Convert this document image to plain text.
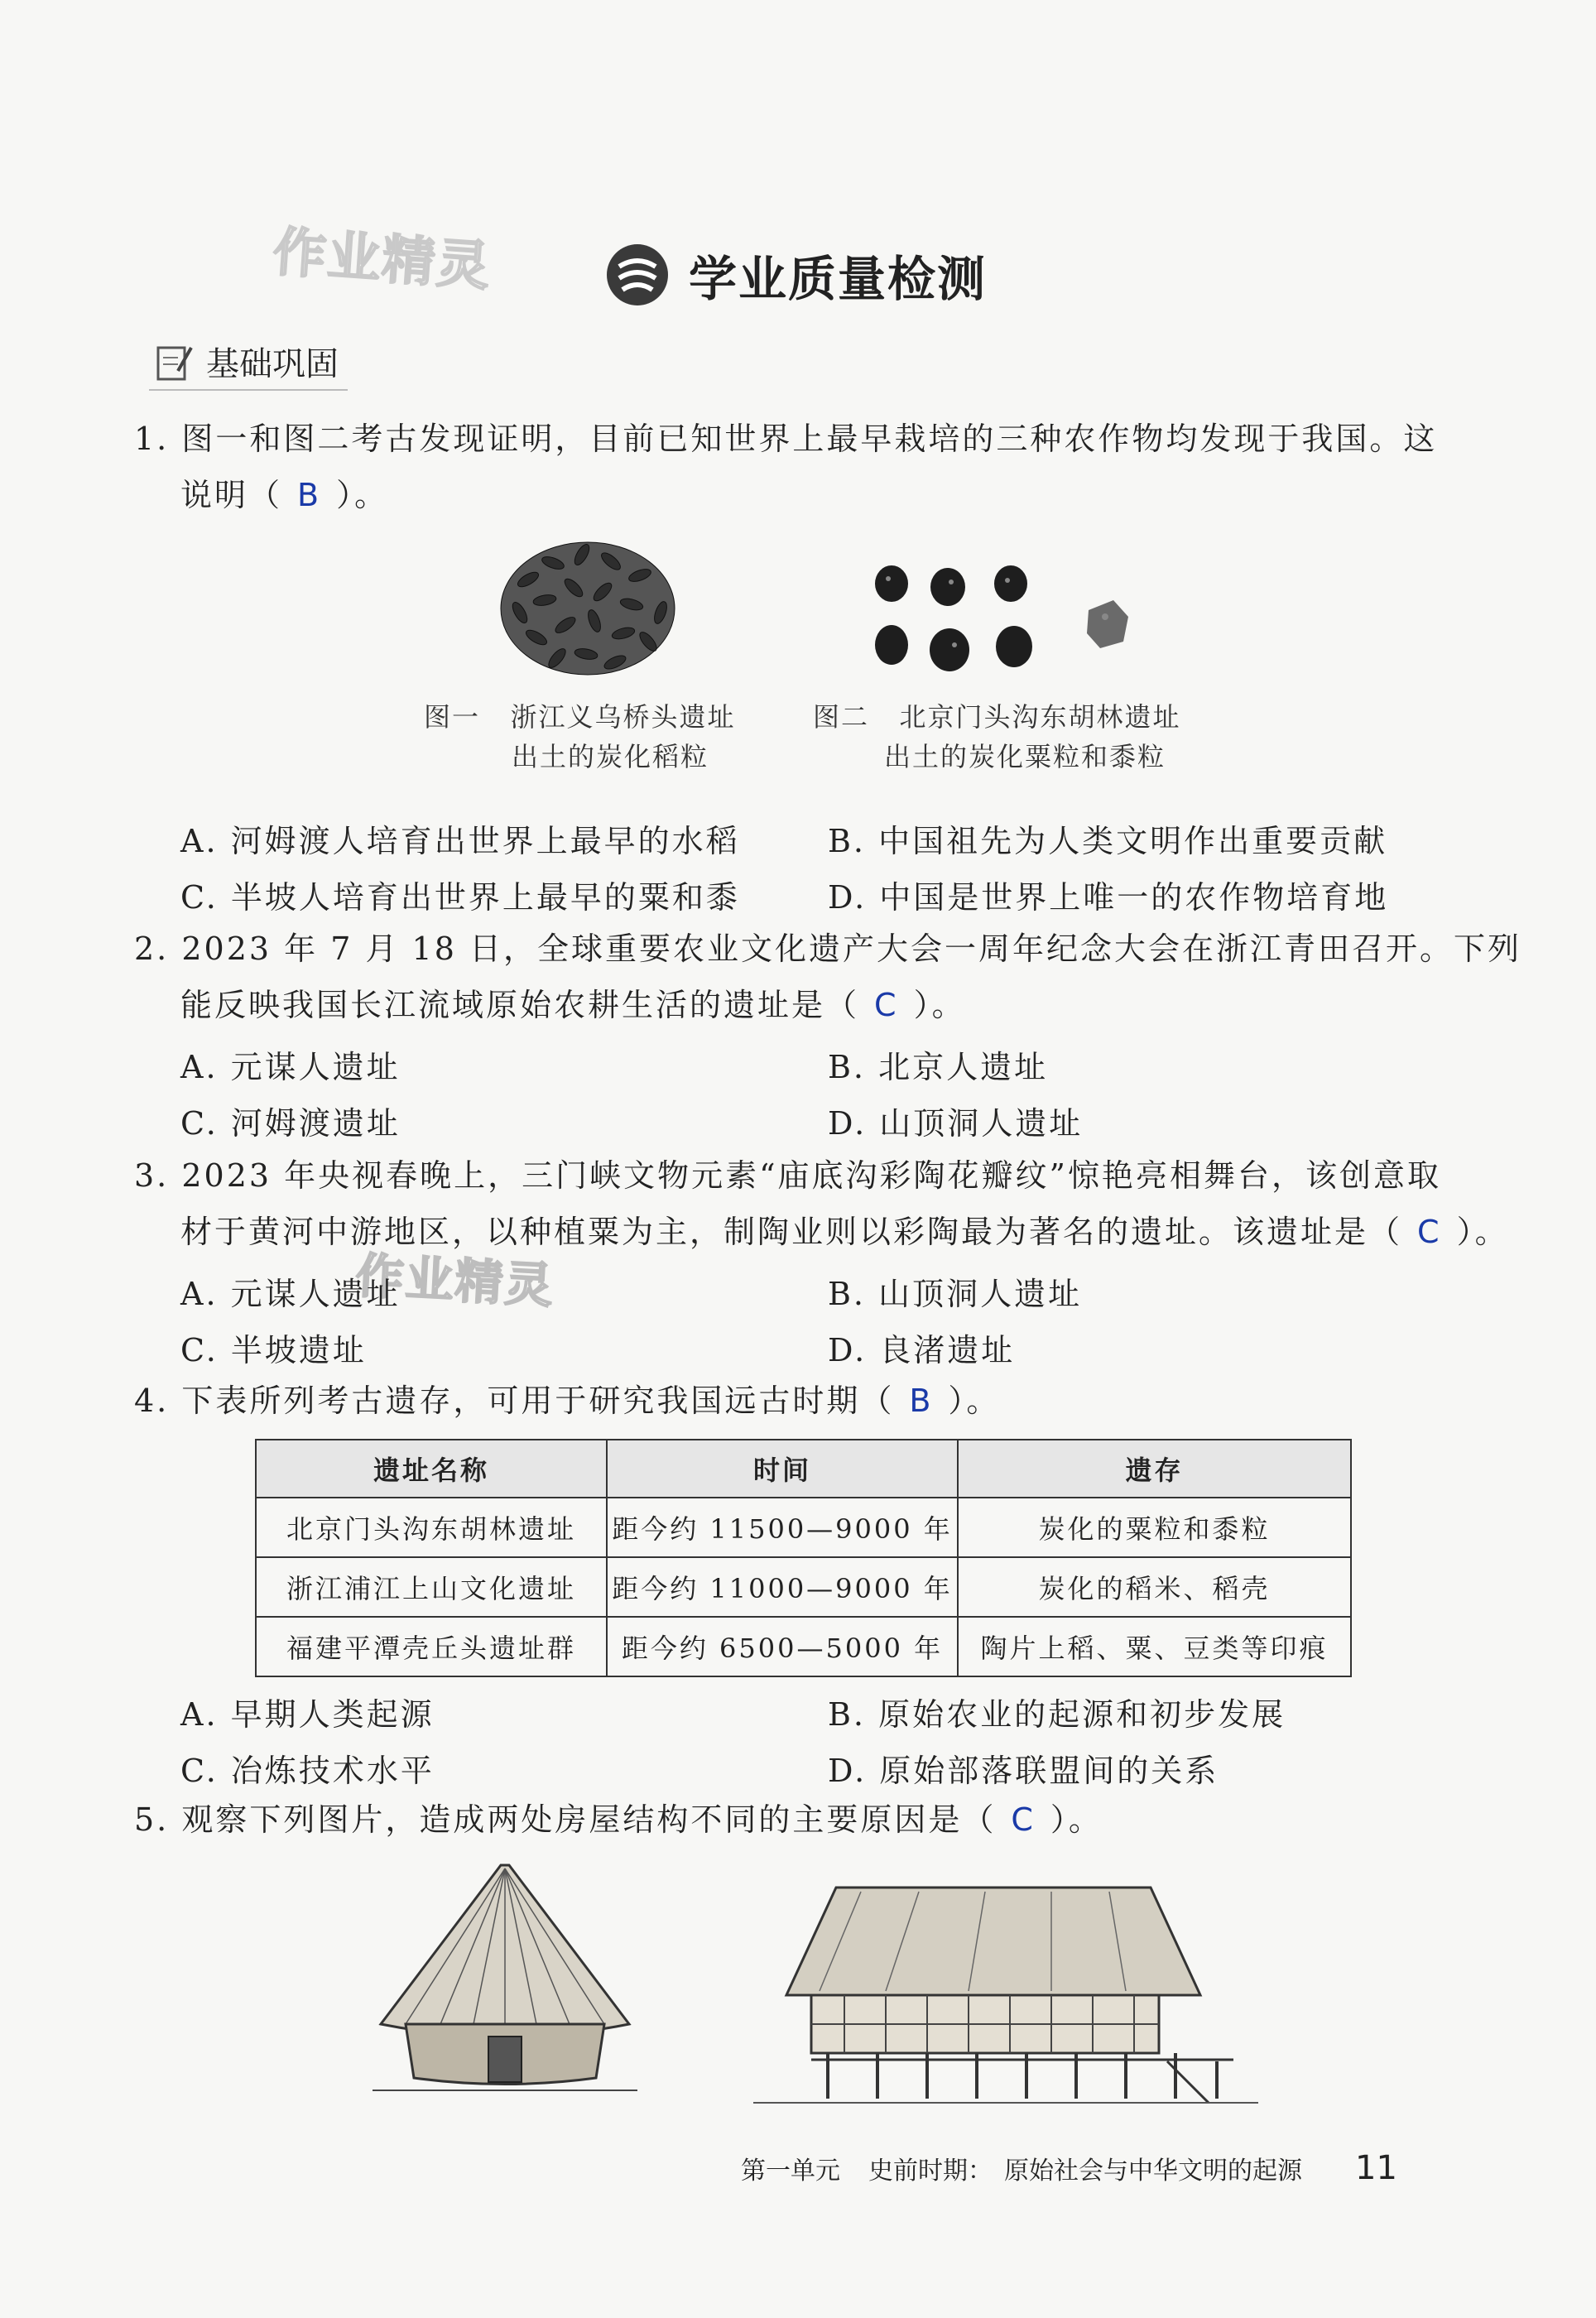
作业精灵
作业精灵
学业质量检测
基础巩固
1. 图一和图二考古发现证明，目前已知世界上最早栽培的三种农作物均发现于我国。这
说明（ B ）。
图一   浙江义乌桥头遗址
出土的炭化稻粒
图二   北京门头沟东胡林遗址
出土的炭化粟粒和黍粒
A. 河姆渡人培育出世界上最早的水稻	B. 中国祖先为人类文明作出重要贡献
C. 半坡人培育出世界上最早的粟和黍	D. 中国是世界上唯一的农作物培育地
2. 2023 年 7 月 18 日，全球重要农业文化遗产大会一周年纪念大会在浙江青田召开。下列
能反映我国长江流域原始农耕生活的遗址是（ C ）。
A. 元谋人遗址	B. 北京人遗址
C. 河姆渡遗址	D. 山顶洞人遗址
3. 2023 年央视春晚上，三门峡文物元素“庙底沟彩陶花瓣纹”惊艳亮相舞台，该创意取
材于黄河中游地区，以种植粟为主，制陶业则以彩陶最为著名的遗址。该遗址是（ C ）。
A. 元谋人遗址	B. 山顶洞人遗址
C. 半坡遗址	D. 良渚遗址
4. 下表所列考古遗存，可用于研究我国远古时期（ B ）。
遗址名称	时间	遗存
北京门头沟东胡林遗址	距今约 11500—9000 年	炭化的粟粒和黍粒
浙江浦江上山文化遗址	距今约 11000—9000 年	炭化的稻米、稻壳
福建平潭壳丘头遗址群	距今约 6500—5000 年	陶片上稻、粟、豆类等印痕
A. 早期人类起源	B. 原始农业的起源和初步发展
C. 冶炼技术水平	D. 原始部落联盟间的关系
5. 观察下列图片，造成两处房屋结构不同的主要原因是（ C ）。
第一单元 史前时期： 原始社会与中华文明的起源 11
